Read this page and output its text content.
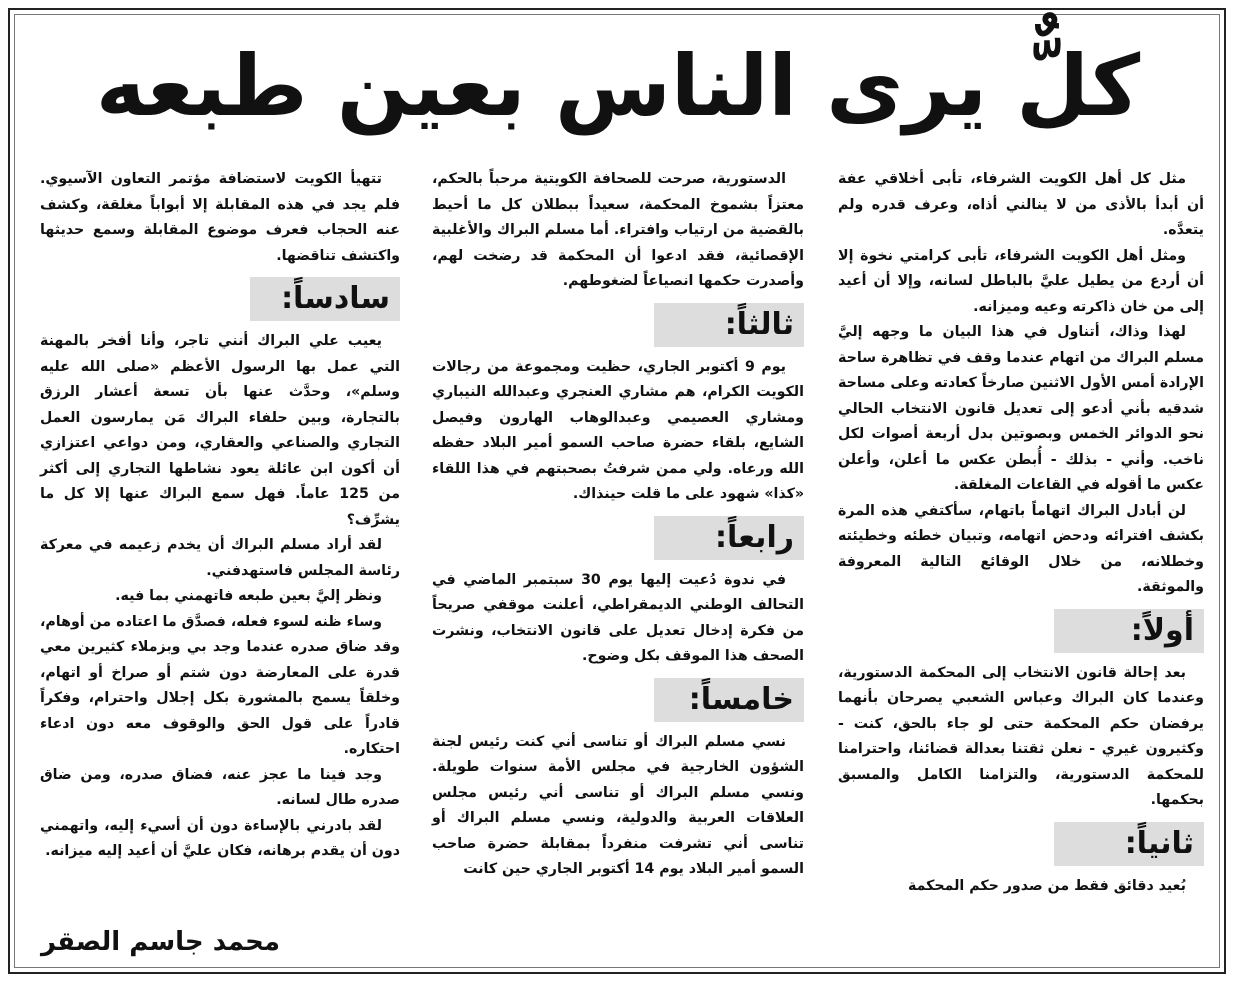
كلٌّ يرى الناس بعين طبعه

مثل كل أهل الكويت الشرفاء، تأبى أخلاقي عفة أن أبدأ بالأذى من لا ينالني أذاه، وعرف قدره ولم يتعدَّه.

ومثل أهل الكويت الشرفاء، تأبى كرامتي نخوة إلا أن أردع من يطيل عليَّ بالباطل لسانه، وإلا أن أعيد إلى من خان ذاكرته وعيه وميزانه.

لهذا وذاك، أتناول في هذا البيان ما وجهه إليَّ مسلم البراك من اتهام عندما وقف في تظاهرة ساحة الإرادة أمس الأول الاثنين صارخاً كعادته وعلى مساحة شدقيه بأني أدعو إلى تعديل قانون الانتخاب الحالي نحو الدوائر الخمس وبصوتين بدل أربعة أصوات لكل ناخب. وأني - بذلك - أُبطن عكس ما أعلن، وأعلن عكس ما أقوله في القاعات المغلقة.

لن أبادل البراك اتهاماً باتهام، سأكتفي هذه المرة بكشف افترائه ودحض اتهامه، وتبيان خطئه وخطيئته وخطلانه، من خلال الوقائع التالية المعروفة والموثقة.

أولاً:

بعد إحالة قانون الانتخاب إلى المحكمة الدستورية، وعندما كان البراك وعباس الشعبي يصرحان بأنهما يرفضان حكم المحكمة حتى لو جاء بالحق، كنت - وكثيرون غيري - نعلن ثقتنا بعدالة قضائنا، واحترامنا للمحكمة الدستورية، والتزامنا الكامل والمسبق بحكمها.

ثانياً:

بُعيد دقائق فقط من صدور حكم المحكمة

الدستورية، صرحت للصحافة الكويتية مرحباً بالحكم، معتزاً بشموخ المحكمة، سعيداً ببطلان كل ما أحيط بالقضية من ارتياب وافتراء. أما مسلم البراك والأغلبية الإقصائية، فقد ادعوا أن المحكمة قد رضخت لهم، وأصدرت حكمها انصياعاً لضغوطهم.

ثالثاً:

يوم 9 أكتوبر الجاري، حظيت ومجموعة من رجالات الكويت الكرام، هم مشاري العنجري وعبدالله النيباري ومشاري العصيمي وعبدالوهاب الهارون وفيصل الشايع، بلقاء حضرة صاحب السمو أمير البلاد حفظه الله ورعاه. ولي ممن شرفتُ بصحبتهم في هذا اللقاء «كذا» شهود على ما قلت حينذاك.

رابعاً:

في ندوة دُعيت إليها يوم 30 سبتمبر الماضي في التحالف الوطني الديمقراطي، أعلنت موقفي صريحاً من فكرة إدخال تعديل على قانون الانتخاب، ونشرت الصحف هذا الموقف بكل وضوح.

خامساً:

نسي مسلم البراك أو تناسى أني كنت رئيس لجنة الشؤون الخارجية في مجلس الأمة سنوات طويلة. ونسي مسلم البراك أو تناسى أني رئيس مجلس العلاقات العربية والدولية، ونسي مسلم البراك أو تناسى أني تشرفت منفرداً بمقابلة حضرة صاحب السمو أمير البلاد يوم 14 أكتوبر الجاري حين كانت

تتهيأ الكويت لاستضافة مؤتمر التعاون الآسيوي. فلم يجد في هذه المقابلة إلا أبواباً مغلقة، وكشف عنه الحجاب فعرف موضوع المقابلة وسمع حديثها واكتشف تناقضها.

سادساً:

يعيب علي البراك أنني تاجر، وأنا أفخر بالمهنة التي عمل بها الرسول الأعظم «صلى الله عليه وسلم»، وحدَّث عنها بأن تسعة أعشار الرزق بالتجارة، وبين حلفاء البراك مَن يمارسون العمل التجاري والصناعي والعقاري، ومن دواعي اعتزازي أن أكون ابن عائلة يعود نشاطها التجاري إلى أكثر من 125 عاماً. فهل سمع البراك عنها إلا كل ما يشرِّف؟

لقد أراد مسلم البراك أن يخدم زعيمه في معركة رئاسة المجلس فاستهدفني.

ونظر إليَّ بعين طبعه فاتهمني بما فيه.

وساء ظنه لسوء فعله، فصدَّق ما اعتاده من أوهام، وقد ضاق صدره عندما وجد بي وبزملاء كثيرين معي قدرة على المعارضة دون شتم أو صراخ أو اتهام، وخلقاً يسمح بالمشورة بكل إجلال واحترام، وفكراً قادراً على قول الحق والوقوف معه دون ادعاء احتكاره.

وجد فينا ما عجز عنه، فضاق صدره، ومن ضاق صدره طال لسانه.

لقد بادرني بالإساءة دون أن أسيء إليه، واتهمني دون أن يقدم برهانه، فكان عليَّ أن أعيد إليه ميزانه.

محمد جاسم الصقر
